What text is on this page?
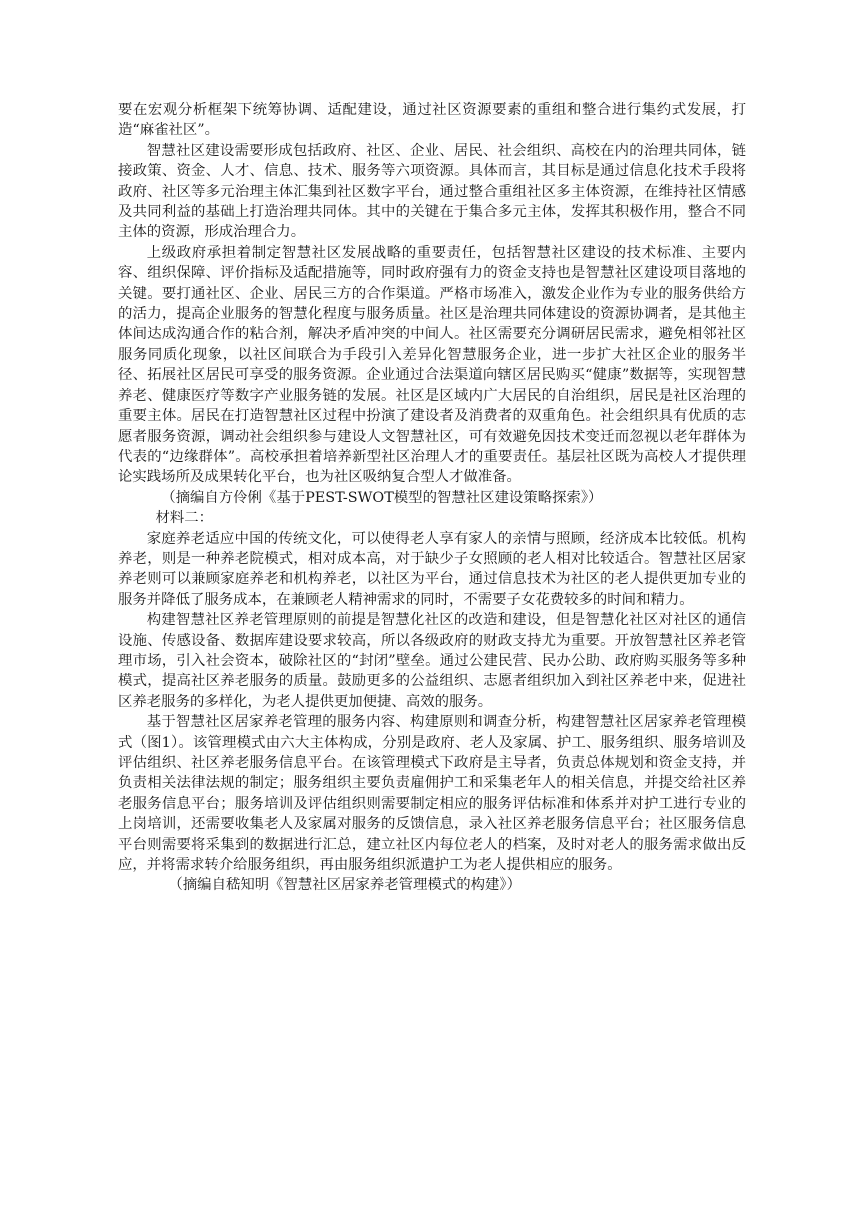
要在宏观分析框架下统筹协调、适配建设，通过社区资源要素的重组和整合进行集约式发展，打造“麻雀社区”。

智慧社区建设需要形成包括政府、社区、企业、居民、社会组织、高校在内的治理共同体，链接政策、资金、人才、信息、技术、服务等六项资源。具体而言，其目标是通过信息化技术手段将政府、社区等多元治理主体汇集到社区数字平台，通过整合重组社区多主体资源，在维持社区情感及共同利益的基础上打造治理共同体。其中的关键在于集合多元主体，发挥其积极作用，整合不同主体的资源，形成治理合力。

上级政府承担着制定智慧社区发展战略的重要责任，包括智慧社区建设的技术标准、主要内容、组织保障、评价指标及适配措施等，同时政府强有力的资金支持也是智慧社区建设项目落地的关键。要打通社区、企业、居民三方的合作渠道。严格市场准入，激发企业作为专业的服务供给方的活力，提高企业服务的智慧化程度与服务质量。社区是治理共同体建设的资源协调者，是其他主体间达成沟通合作的粘合剂，解决矛盾冲突的中间人。社区需要充分调研居民需求，避免相邻社区服务同质化现象，以社区间联合为手段引入差异化智慧服务企业，进一步扩大社区企业的服务半径、拓展社区居民可享受的服务资源。企业通过合法渠道向辖区居民购买“健康”数据等，实现智慧养老、健康医疗等数字产业服务链的发展。社区是区域内广大居民的自治组织，居民是社区治理的重要主体。居民在打造智慧社区过程中扮演了建设者及消费者的双重角色。社会组织具有优质的志愿者服务资源，调动社会组织参与建设人文智慧社区，可有效避免因技术变迁而忽视以老年群体为代表的“边缘群体”。高校承担着培养新型社区治理人才的重要责任。基层社区既为高校人才提供理论实践场所及成果转化平台，也为社区吸纳复合型人才做准备。

（摘编自方伶俐《基于PEST-SWOT模型的智慧社区建设策略探索》）

材料二：

家庭养老适应中国的传统文化，可以使得老人享有家人的亲情与照顾，经济成本比较低。机构养老，则是一种养老院模式，相对成本高，对于缺少子女照顾的老人相对比较适合。智慧社区居家养老则可以兼顾家庭养老和机构养老，以社区为平台，通过信息技术为社区的老人提供更加专业的服务并降低了服务成本，在兼顾老人精神需求的同时，不需要子女花费较多的时间和精力。

构建智慧社区养老管理原则的前提是智慧化社区的改造和建设，但是智慧化社区对社区的通信设施、传感设备、数据库建设要求较高，所以各级政府的财政支持尤为重要。开放智慧社区养老管理市场，引入社会资本，破除社区的“封闭”壁垒。通过公建民营、民办公助、政府购买服务等多种模式，提高社区养老服务的质量。鼓励更多的公益组织、志愿者组织加入到社区养老中来，促进社区养老服务的多样化，为老人提供更加便捷、高效的服务。

基于智慧社区居家养老管理的服务内容、构建原则和调查分析，构建智慧社区居家养老管理模式（图1）。该管理模式由六大主体构成，分别是政府、老人及家属、护工、服务组织、服务培训及评估组织、社区养老服务信息平台。在该管理模式下政府是主导者，负责总体规划和资金支持，并负责相关法律法规的制定；服务组织主要负责雇佣护工和采集老年人的相关信息，并提交给社区养老服务信息平台；服务培训及评估组织则需要制定相应的服务评估标准和体系并对护工进行专业的上岗培训，还需要收集老人及家属对服务的反馈信息，录入社区养老服务信息平台；社区服务信息平台则需要将采集到的数据进行汇总，建立社区内每位老人的档案，及时对老人的服务需求做出反应，并将需求转介给服务组织，再由服务组织派遣护工为老人提供相应的服务。

（摘编自嵇知明《智慧社区居家养老管理模式的构建》）
